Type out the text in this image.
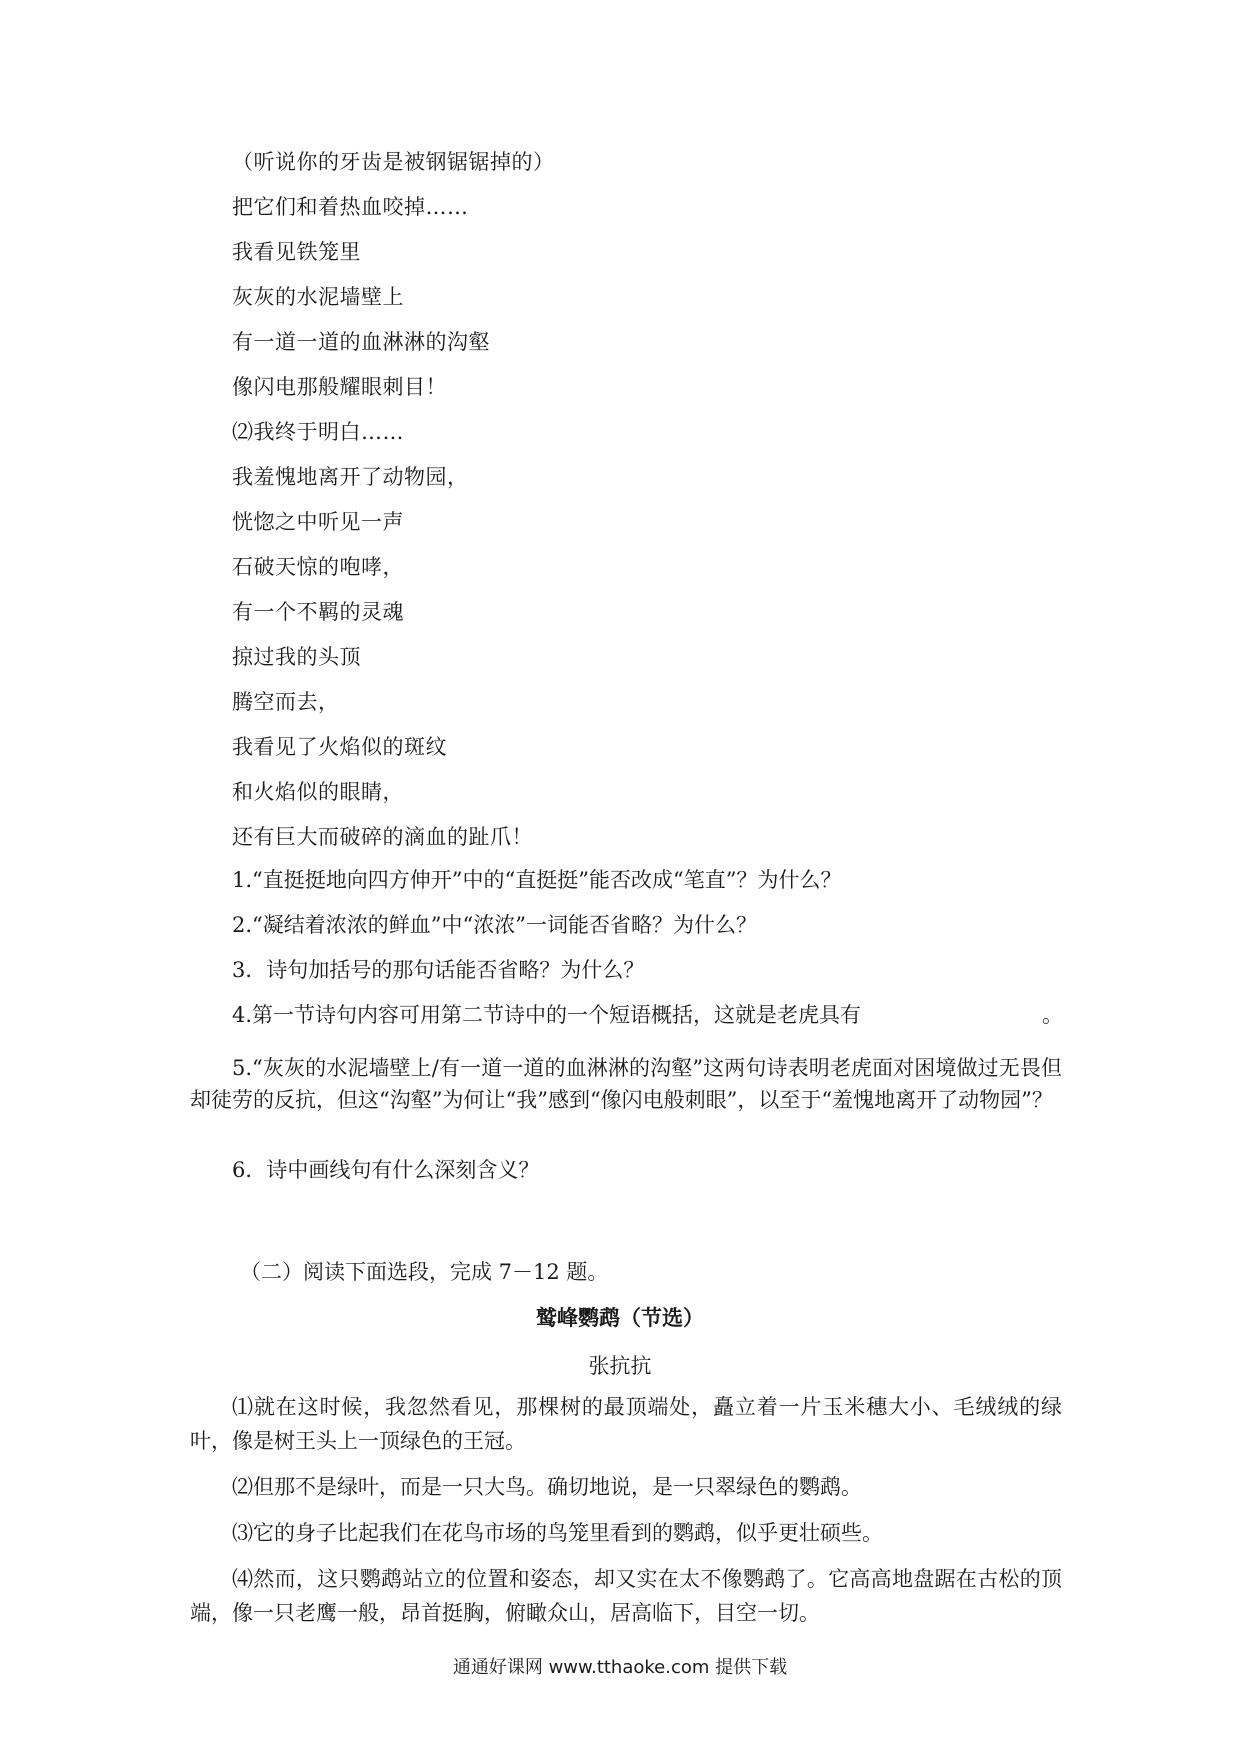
（听说你的牙齿是被钢锯锯掉的）
把它们和着热血咬掉……
我看见铁笼里
灰灰的水泥墙壁上
有一道一道的血淋淋的沟壑
像闪电那般耀眼刺目！
⑵我终于明白……
我羞愧地离开了动物园，
恍惚之中听见一声
石破天惊的咆哮，
有一个不羁的灵魂
掠过我的头顶
腾空而去，
我看见了火焰似的斑纹
和火焰似的眼睛，
还有巨大而破碎的滴血的趾爪！
1.“直挺挺地向四方伸开”中的“直挺挺”能否改成“笔直”？为什么？
2.“凝结着浓浓的鲜血”中“浓浓”一词能否省略？为什么？
3．诗句加括号的那句话能否省略？为什么？
4.第一节诗句内容可用第二节诗中的一个短语概括，这就是老虎具有	。
5.“灰灰的水泥墙壁上/有一道一道的血淋淋的沟壑”这两句诗表明老虎面对困境做过无畏但却徒劳的反抗，但这“沟壑”为何让“我”感到“像闪电般刺眼”，以至于“羞愧地离开了动物园”？
6．诗中画线句有什么深刻含义？
（二）阅读下面选段，完成 7－12 题。
鹫峰鹦鹉（节选）
张抗抗

⑴就在这时候，我忽然看见，那棵树的最顶端处，矗立着一片玉米穗大小、毛绒绒的绿叶，像是树王头上一顶绿色的王冠。

⑵但那不是绿叶，而是一只大鸟。确切地说，是一只翠绿色的鹦鹉。

⑶它的身子比起我们在花鸟市场的鸟笼里看到的鹦鹉，似乎更壮硕些。

⑷然而，这只鹦鹉站立的位置和姿态，却又实在太不像鹦鹉了。它高高地盘踞在古松的顶端，像一只老鹰一般，昂首挺胸，俯瞰众山，居高临下，目空一切。

通通好课网 www.tthaoke.com 提供下载
